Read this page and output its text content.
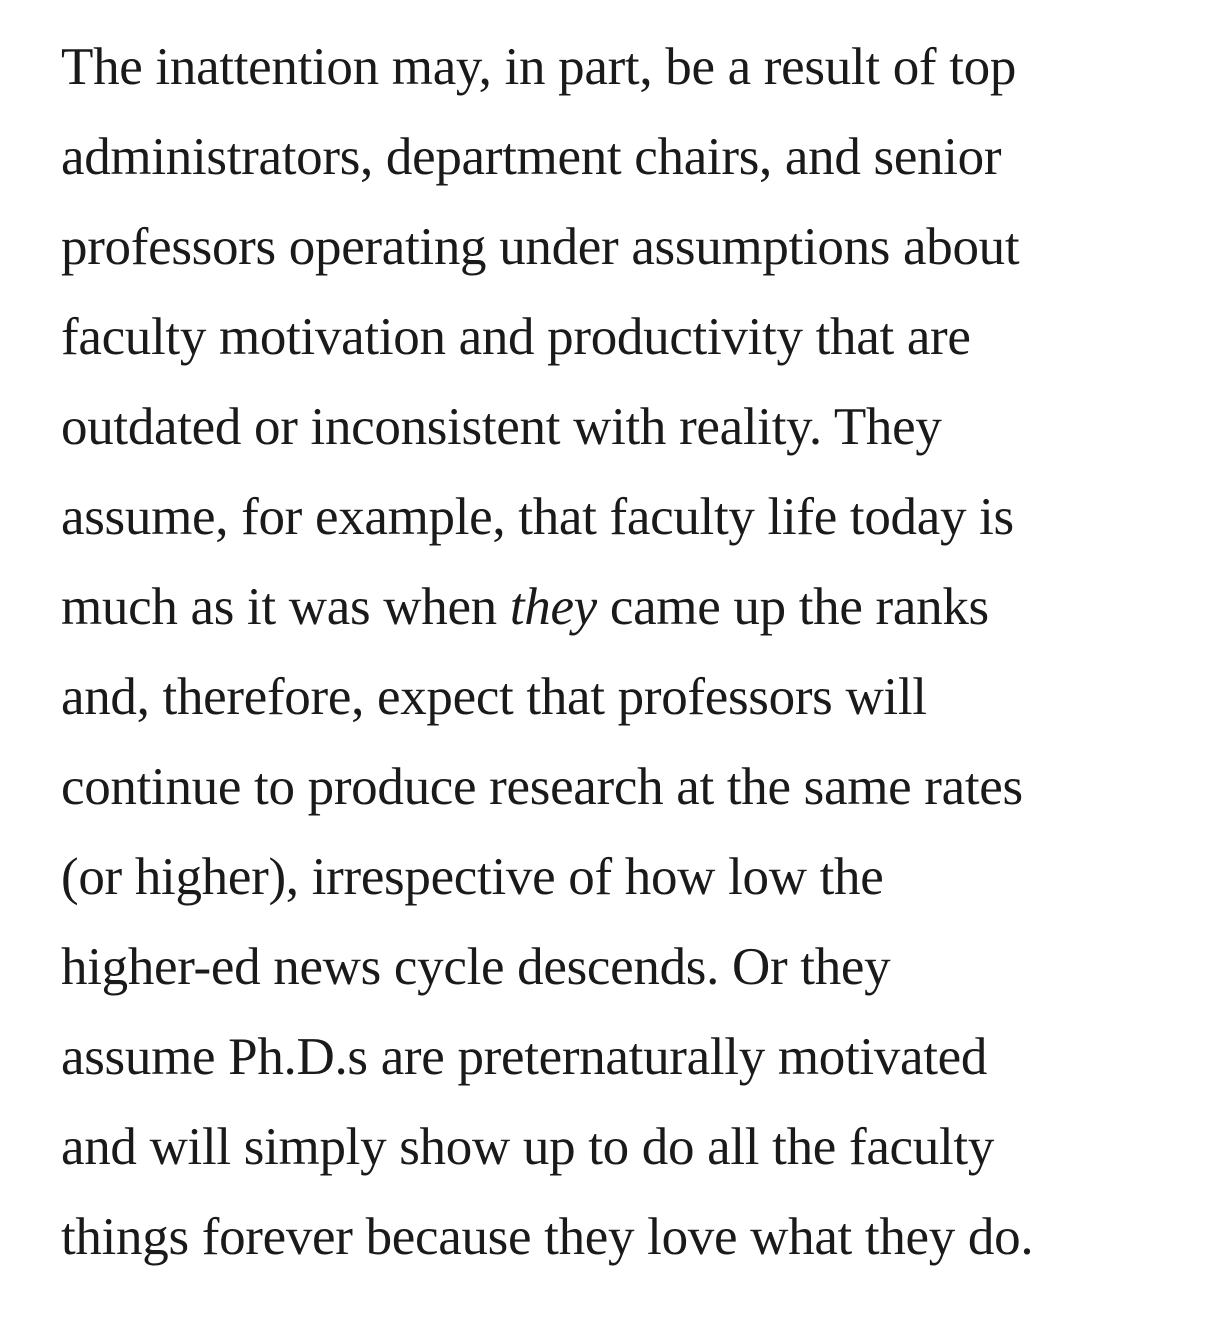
The inattention may, in part, be a result of top
administrators, department chairs, and senior
professors operating under assumptions about
faculty motivation and productivity that are
outdated or inconsistent with reality. They
assume, for example, that faculty life today is
much as it was when they came up the ranks
and, therefore, expect that professors will
continue to produce research at the same rates
(or higher), irrespective of how low the
higher-ed news cycle descends. Or they
assume Ph.D.s are preternaturally motivated
and will simply show up to do all the faculty
things forever because they love what they do.
